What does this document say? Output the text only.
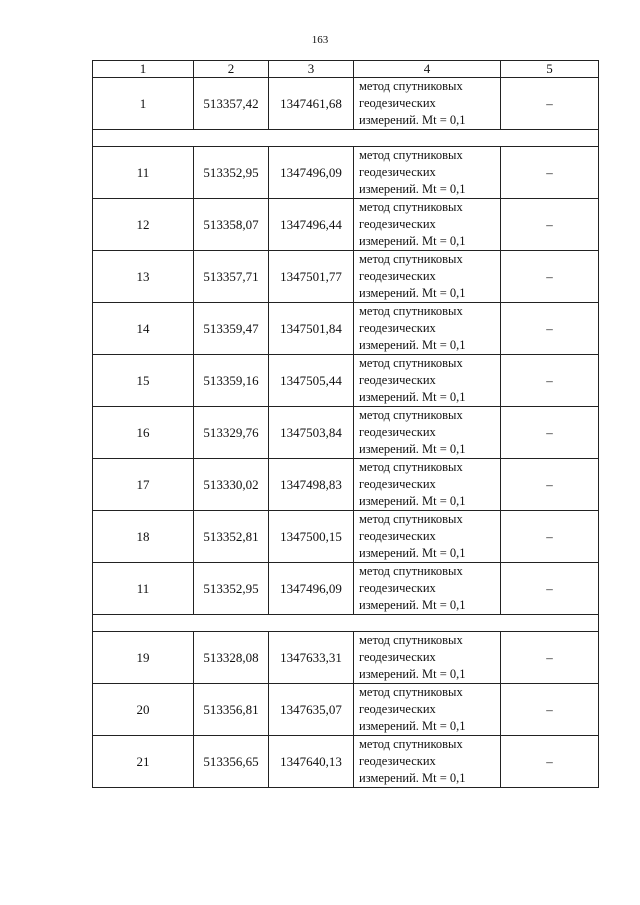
163
1	2	3	4	5
1	513357,42	1347461,68	метод спутниковых
геодезических
измерений. Mt = 0,1	–

11	513352,95	1347496,09	метод спутниковых
геодезических
измерений. Mt = 0,1	–
12	513358,07	1347496,44	метод спутниковых
геодезических
измерений. Mt = 0,1	–
13	513357,71	1347501,77	метод спутниковых
геодезических
измерений. Mt = 0,1	–
14	513359,47	1347501,84	метод спутниковых
геодезических
измерений. Mt = 0,1	–
15	513359,16	1347505,44	метод спутниковых
геодезических
измерений. Mt = 0,1	–
16	513329,76	1347503,84	метод спутниковых
геодезических
измерений. Mt = 0,1	–
17	513330,02	1347498,83	метод спутниковых
геодезических
измерений. Mt = 0,1	–
18	513352,81	1347500,15	метод спутниковых
геодезических
измерений. Mt = 0,1	–
11	513352,95	1347496,09	метод спутниковых
геодезических
измерений. Mt = 0,1	–

19	513328,08	1347633,31	метод спутниковых
геодезических
измерений. Mt = 0,1	–
20	513356,81	1347635,07	метод спутниковых
геодезических
измерений. Mt = 0,1	–
21	513356,65	1347640,13	метод спутниковых
геодезических
измерений. Mt = 0,1	–
